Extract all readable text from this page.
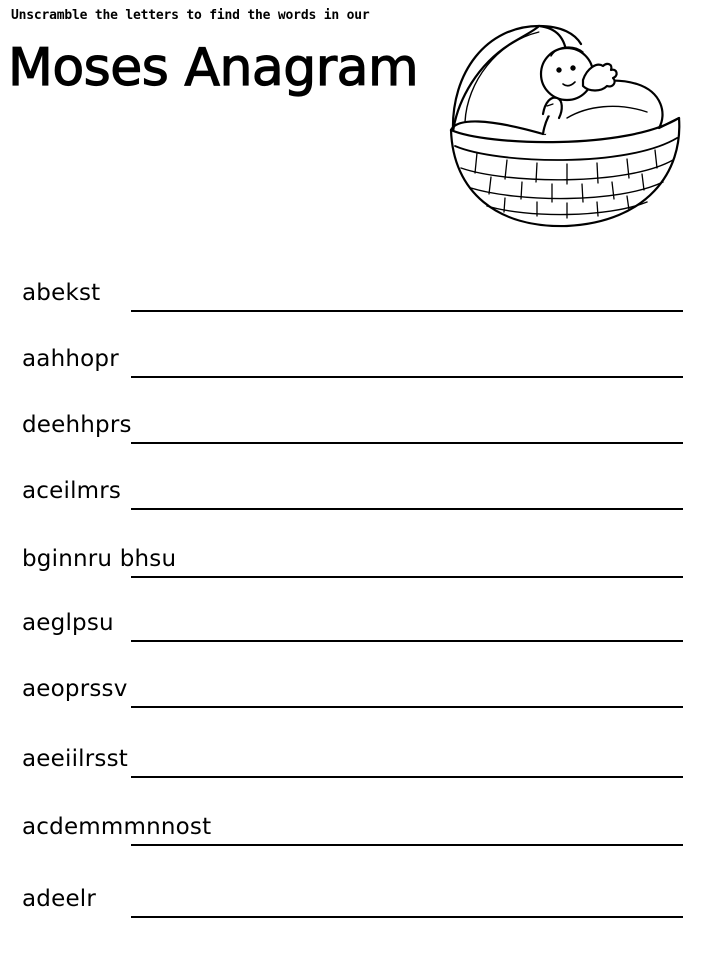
Unscramble the letters to find the words in our
Moses Anagram
abekst
aahhopr
deehhprs
aceilmrs
bginnru bhsu
aeglpsu
aeoprssv
aeeiilrsst
acdemmmnnost
adeelr
